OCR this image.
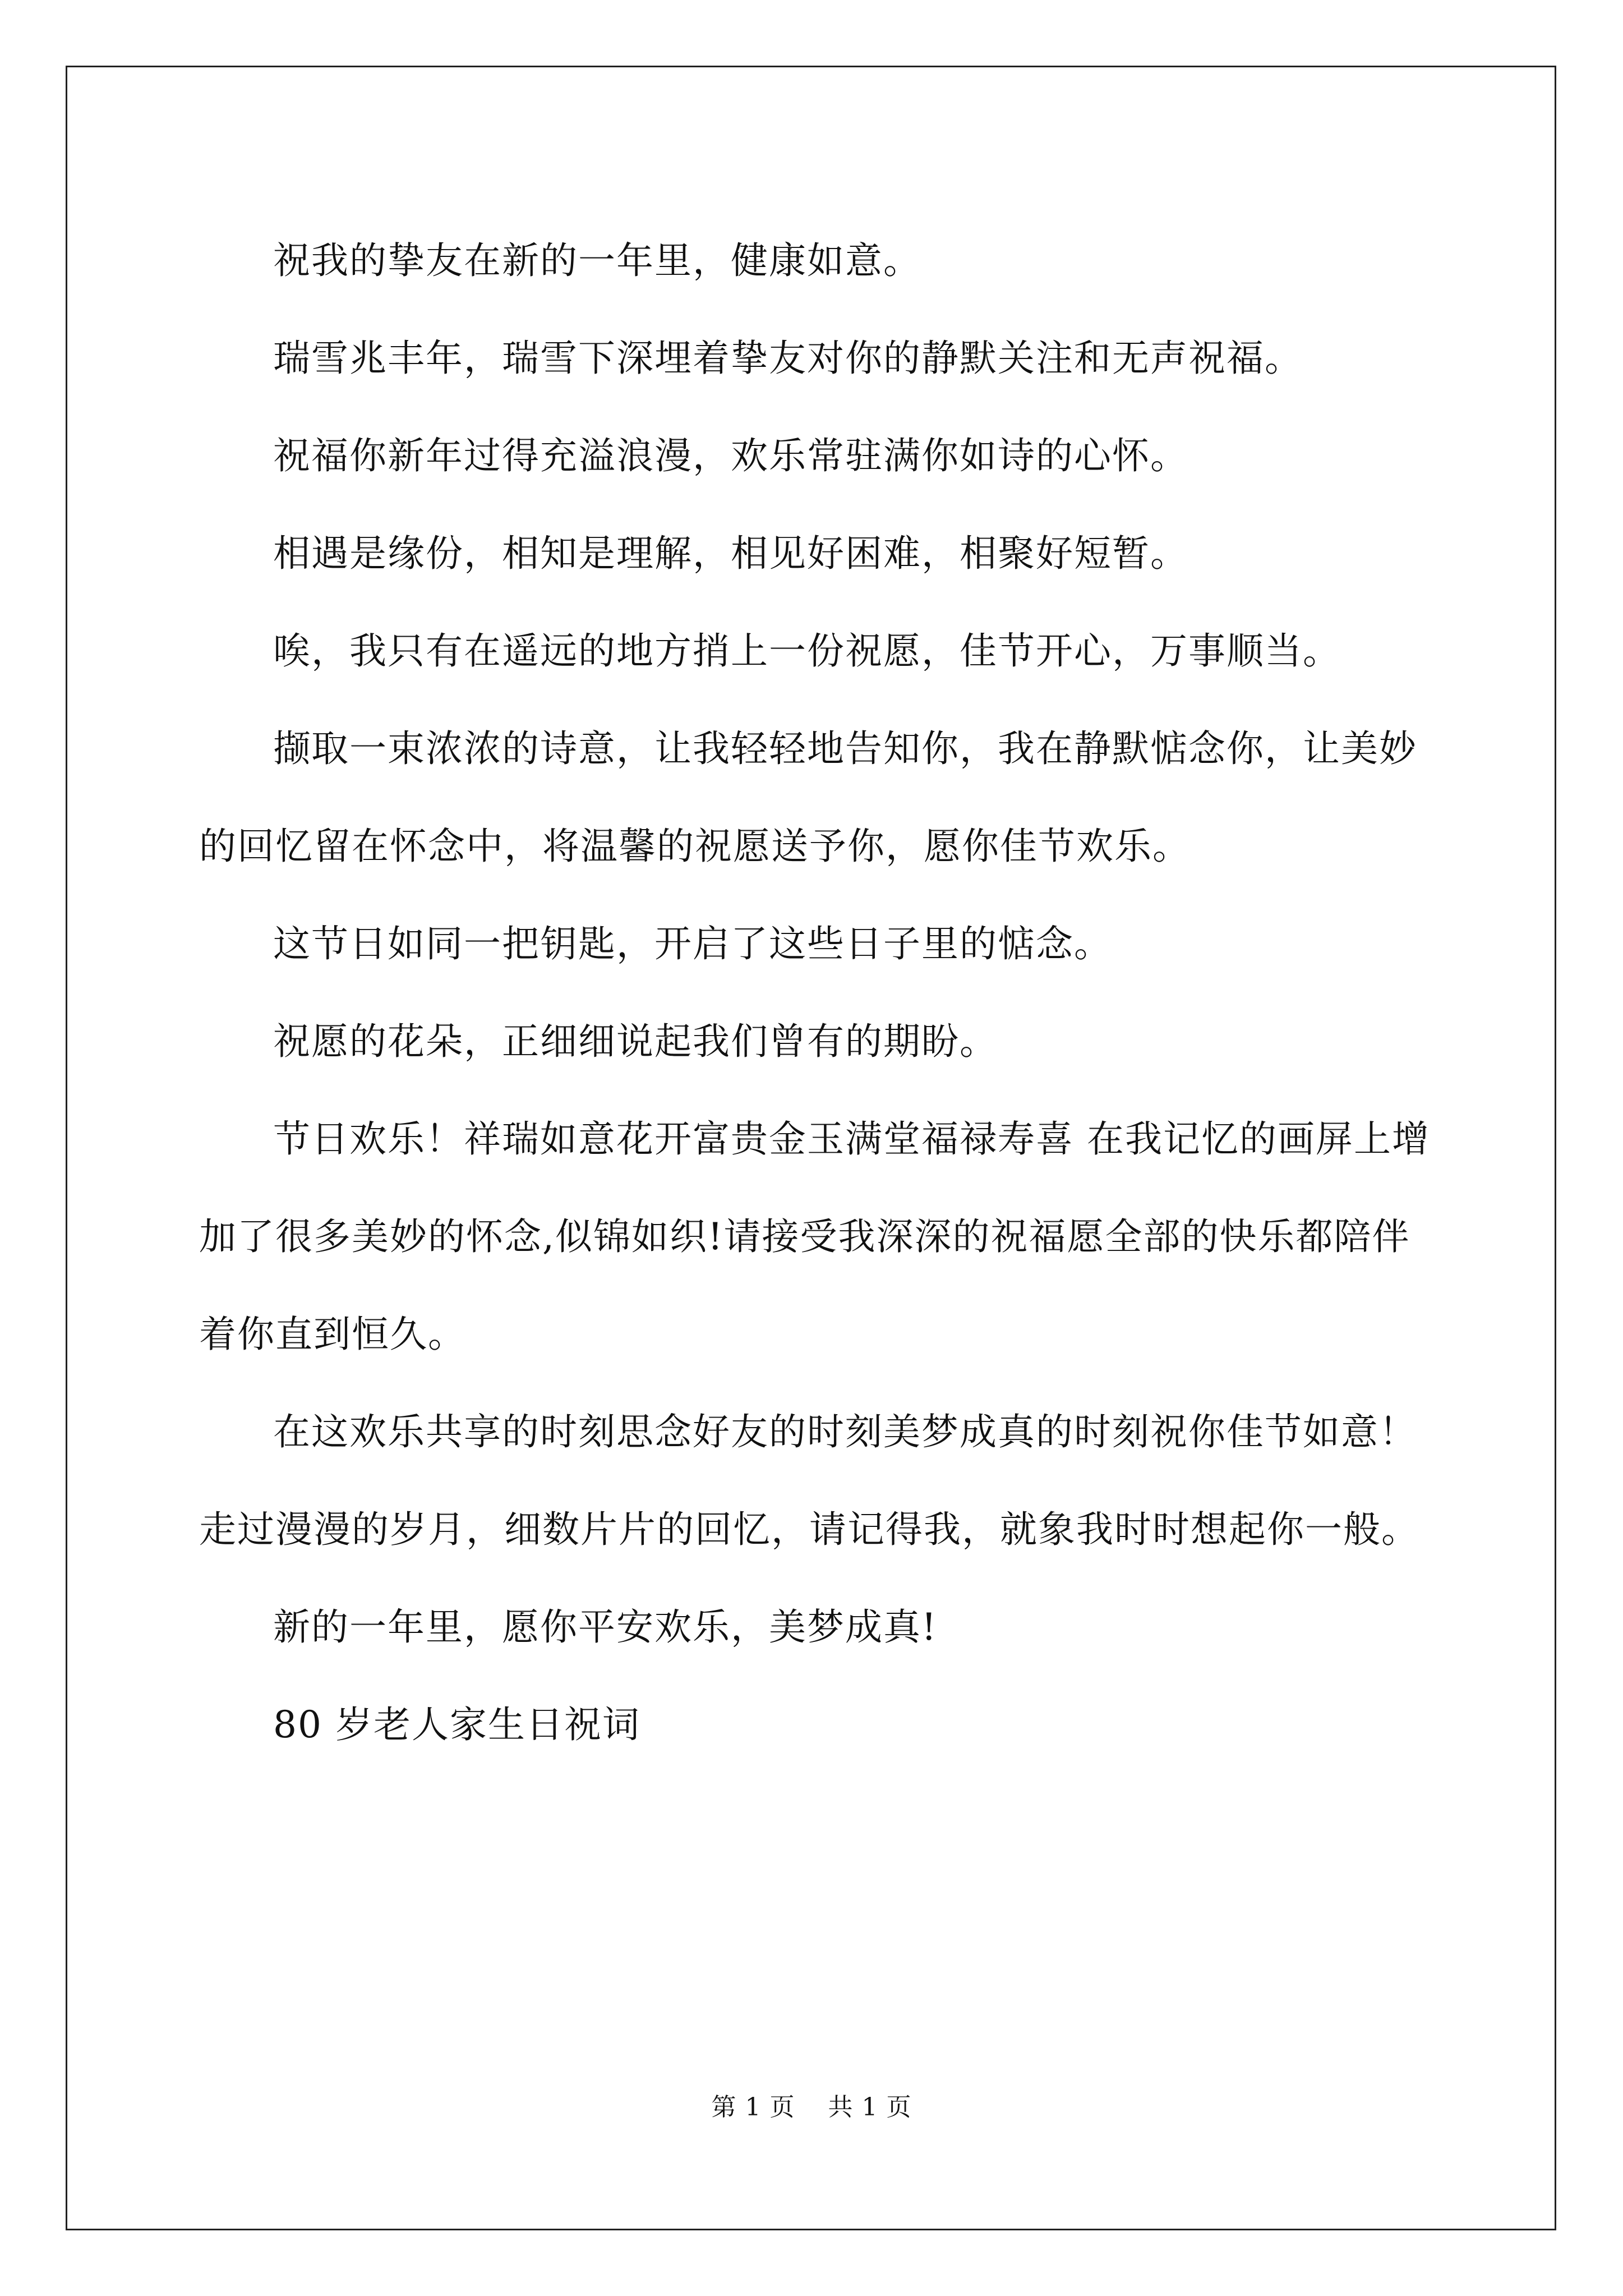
祝我的挚友在新的一年里，健康如意。

瑞雪兆丰年，瑞雪下深埋着挚友对你的静默关注和无声祝福。

祝福你新年过得充溢浪漫，欢乐常驻满你如诗的心怀。

相遇是缘份，相知是理解，相见好困难，相聚好短暂。

唉，我只有在遥远的地方捎上一份祝愿，佳节开心，万事顺当。

撷取一束浓浓的诗意，让我轻轻地告知你，我在静默惦念你，让美妙的回忆留在怀念中，将温馨的祝愿送予你，愿你佳节欢乐。

这节日如同一把钥匙，开启了这些日子里的惦念。

祝愿的花朵，正细细说起我们曾有的期盼。

节日欢乐！祥瑞如意花开富贵金玉满堂福禄寿喜 在我记忆的画屏上增加了很多美妙的怀念,似锦如织!请接受我深深的祝福愿全部的快乐都陪伴着你直到恒久。

在这欢乐共享的时刻思念好友的时刻美梦成真的时刻祝你佳节如意！走过漫漫的岁月，细数片片的回忆，请记得我，就象我时时想起你一般。

新的一年里，愿你平安欢乐，美梦成真!

80 岁老人家生日祝词

第 1 页 共 1 页
